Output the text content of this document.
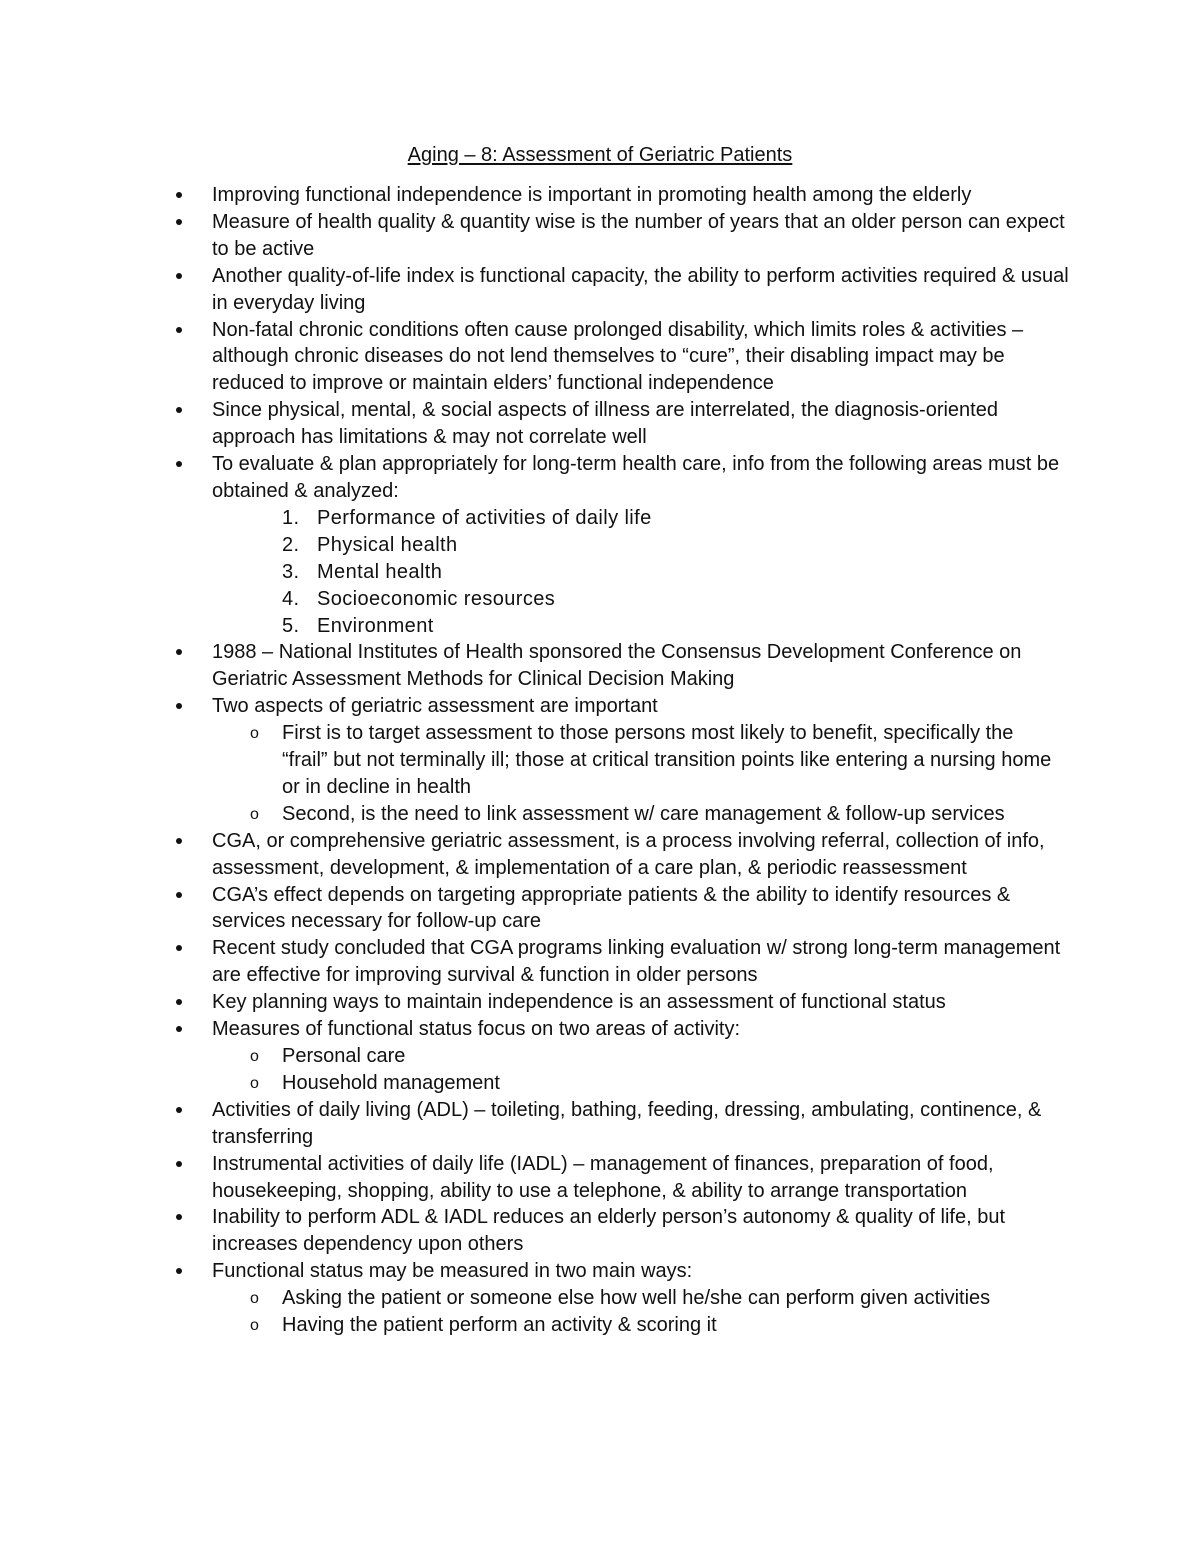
Aging – 8: Assessment of Geriatric Patients
Improving functional independence is important in promoting health among the elderly
Measure of health quality & quantity wise is the number of years that an older person can expect to be active
Another quality-of-life index is functional capacity, the ability to perform activities required & usual in everyday living
Non-fatal chronic conditions often cause prolonged disability, which limits roles & activities – although chronic diseases do not lend themselves to “cure”, their disabling impact may be reduced to improve or maintain elders’ functional independence
Since physical, mental, & social aspects of illness are interrelated, the diagnosis-oriented approach has limitations & may not correlate well
To evaluate & plan appropriately for long-term health care, info from the following areas must be obtained & analyzed:
1. Performance of activities of daily life
2. Physical health
3. Mental health
4. Socioeconomic resources
5. Environment
1988 – National Institutes of Health sponsored the Consensus Development Conference on Geriatric Assessment Methods for Clinical Decision Making
Two aspects of geriatric assessment are important
o First is to target assessment to those persons most likely to benefit, specifically the “frail” but not terminally ill; those at critical transition points like entering a nursing home or in decline in health
o Second, is the need to link assessment w/ care management & follow-up services
CGA, or comprehensive geriatric assessment, is a process involving referral, collection of info, assessment, development, & implementation of a care plan, & periodic reassessment
CGA’s effect depends on targeting appropriate patients & the ability to identify resources & services necessary for follow-up care
Recent study concluded that CGA programs linking evaluation w/ strong long-term management are effective for improving survival & function in older persons
Key planning ways to maintain independence is an assessment of functional status
Measures of functional status focus on two areas of activity:
o Personal care
o Household management
Activities of daily living (ADL) – toileting, bathing, feeding, dressing, ambulating, continence, & transferring
Instrumental activities of daily life (IADL) – management of finances, preparation of food, housekeeping, shopping, ability to use a telephone, & ability to arrange transportation
Inability to perform ADL & IADL reduces an elderly person’s autonomy & quality of life, but increases dependency upon others
Functional status may be measured in two main ways:
o Asking the patient or someone else how well he/she can perform given activities
o Having the patient perform an activity & scoring it
